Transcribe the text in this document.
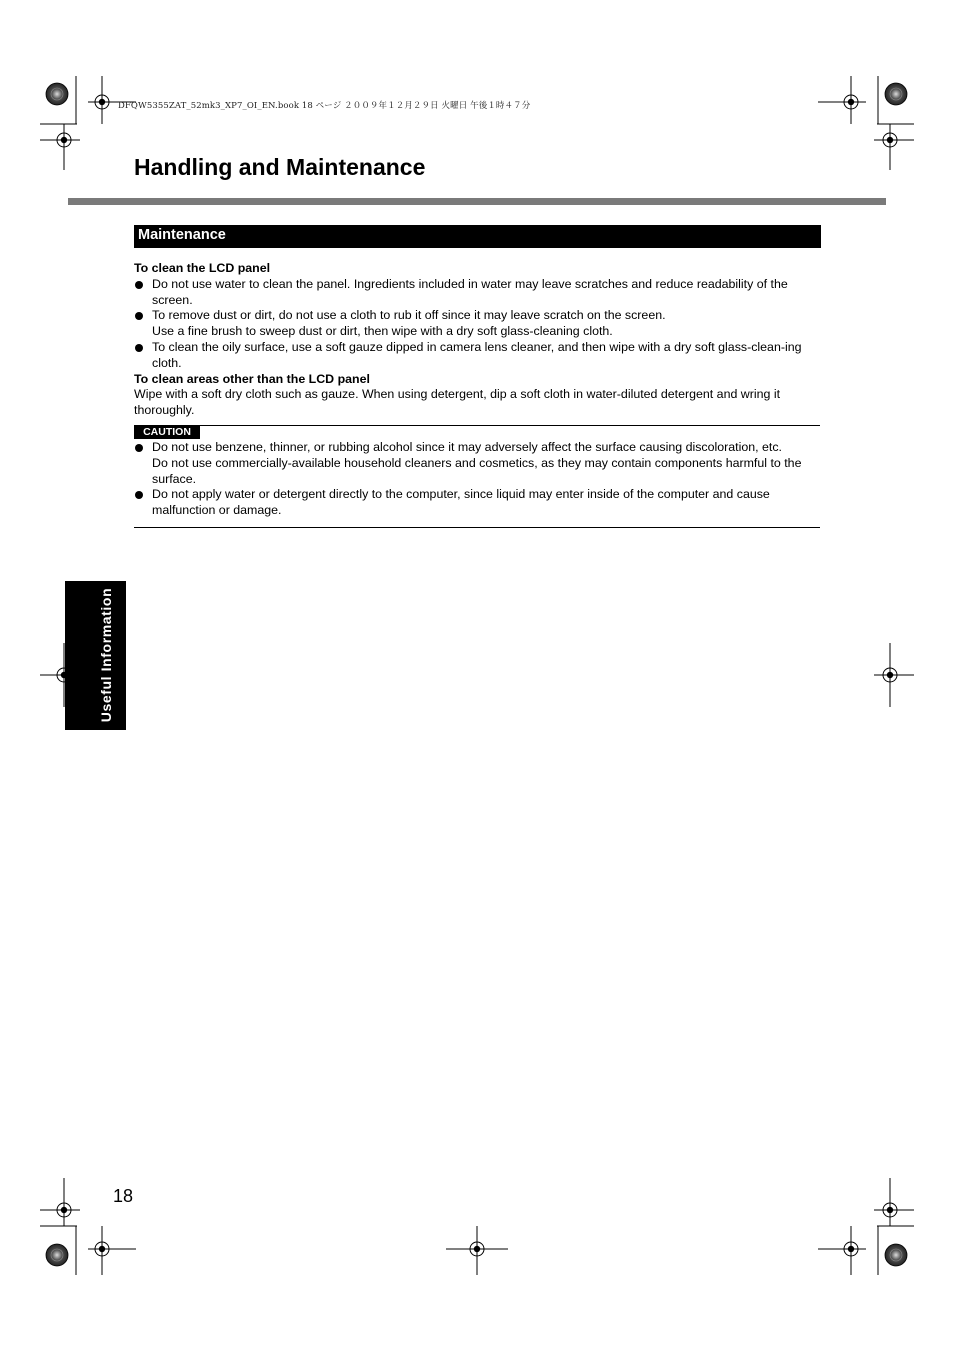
DFQW5355ZAT_52mk3_XP7_OI_EN.book 18 ページ ２００９年１２月２９日 火曜日 午後１時４７分
Handling and Maintenance
Maintenance

To clean the LCD panel

Do not use water to clean the panel. Ingredients included in water may leave scratches and reduce readability of the screen.
To remove dust or dirt, do not use a cloth to rub it off since it may leave scratch on the screen.
Use a fine brush to sweep dust or dirt, then wipe with a dry soft glass-cleaning cloth.
To clean the oily surface, use a soft gauze dipped in camera lens cleaner, and then wipe with a dry soft glass-clean-ing cloth.

To clean areas other than the LCD panel

Wipe with a soft dry cloth such as gauze. When using detergent, dip a soft cloth in water-diluted detergent and wring it thoroughly.

CAUTION
Do not use benzene, thinner, or rubbing alcohol since it may adversely affect the surface causing discoloration, etc.
Do not use commercially-available household cleaners and cosmetics, as they may contain components harmful to the surface.
Do not apply water or detergent directly to the computer, since liquid may enter inside of the computer and cause malfunction or damage.
Useful Information
18
